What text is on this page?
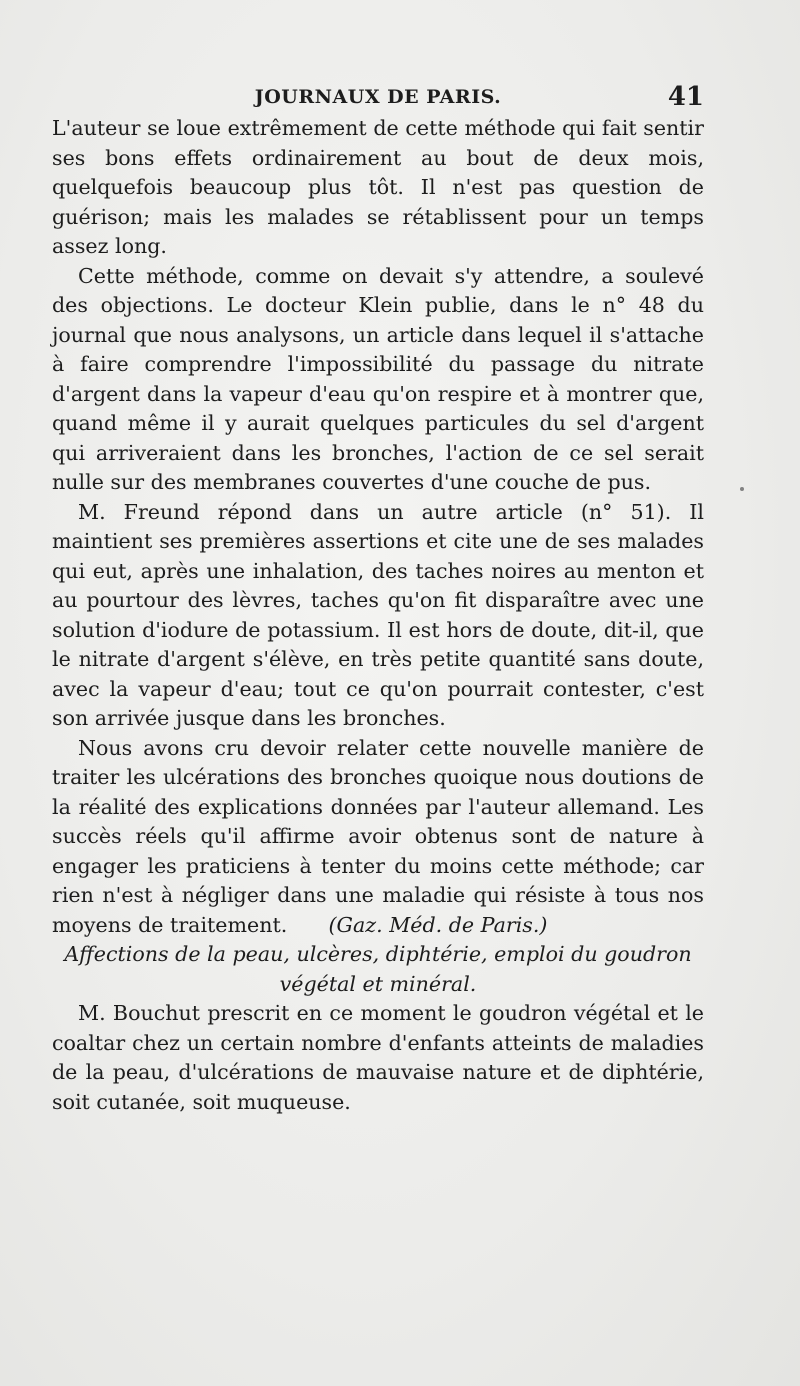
JOURNAUX DE PARIS.	41

L'auteur se loue extrêmement de cette méthode qui fait sentir ses bons effets ordinairement au bout de deux mois, quelquefois beaucoup plus tôt. Il n'est pas question de guérison; mais les malades se rétablissent pour un temps assez long.

Cette méthode, comme on devait s'y attendre, a soulevé des objections. Le docteur Klein publie, dans le n° 48 du journal que nous analysons, un article dans lequel il s'attache à faire comprendre l'impossibilité du passage du nitrate d'argent dans la vapeur d'eau qu'on respire et à montrer que, quand même il y aurait quelques particules du sel d'argent qui arriveraient dans les bronches, l'action de ce sel serait nulle sur des membranes couvertes d'une couche de pus.

M. Freund répond dans un autre article (n° 51). Il maintient ses premières assertions et cite une de ses malades qui eut, après une inhalation, des taches noires au menton et au pourtour des lèvres, taches qu'on fit disparaître avec une solution d'iodure de potassium. Il est hors de doute, dit-il, que le nitrate d'argent s'élève, en très petite quantité sans doute, avec la vapeur d'eau; tout ce qu'on pourrait contester, c'est son arrivée jusque dans les bronches.

Nous avons cru devoir relater cette nouvelle manière de traiter les ulcérations des bronches quoique nous doutions de la réalité des explications données par l'auteur allemand. Les succès réels qu'il affirme avoir obtenus sont de nature à engager les praticiens à tenter du moins cette méthode; car rien n'est à négliger dans une maladie qui résiste à tous nos moyens de traitement.   (Gaz. Méd. de Paris.)

Affections de la peau, ulcères, diphtérie, emploi du goudron végétal et minéral.

M. Bouchut prescrit en ce moment le goudron végétal et le coaltar chez un certain nombre d'enfants atteints de maladies de la peau, d'ulcérations de mauvaise nature et de diphtérie, soit cutanée, soit muqueuse.
